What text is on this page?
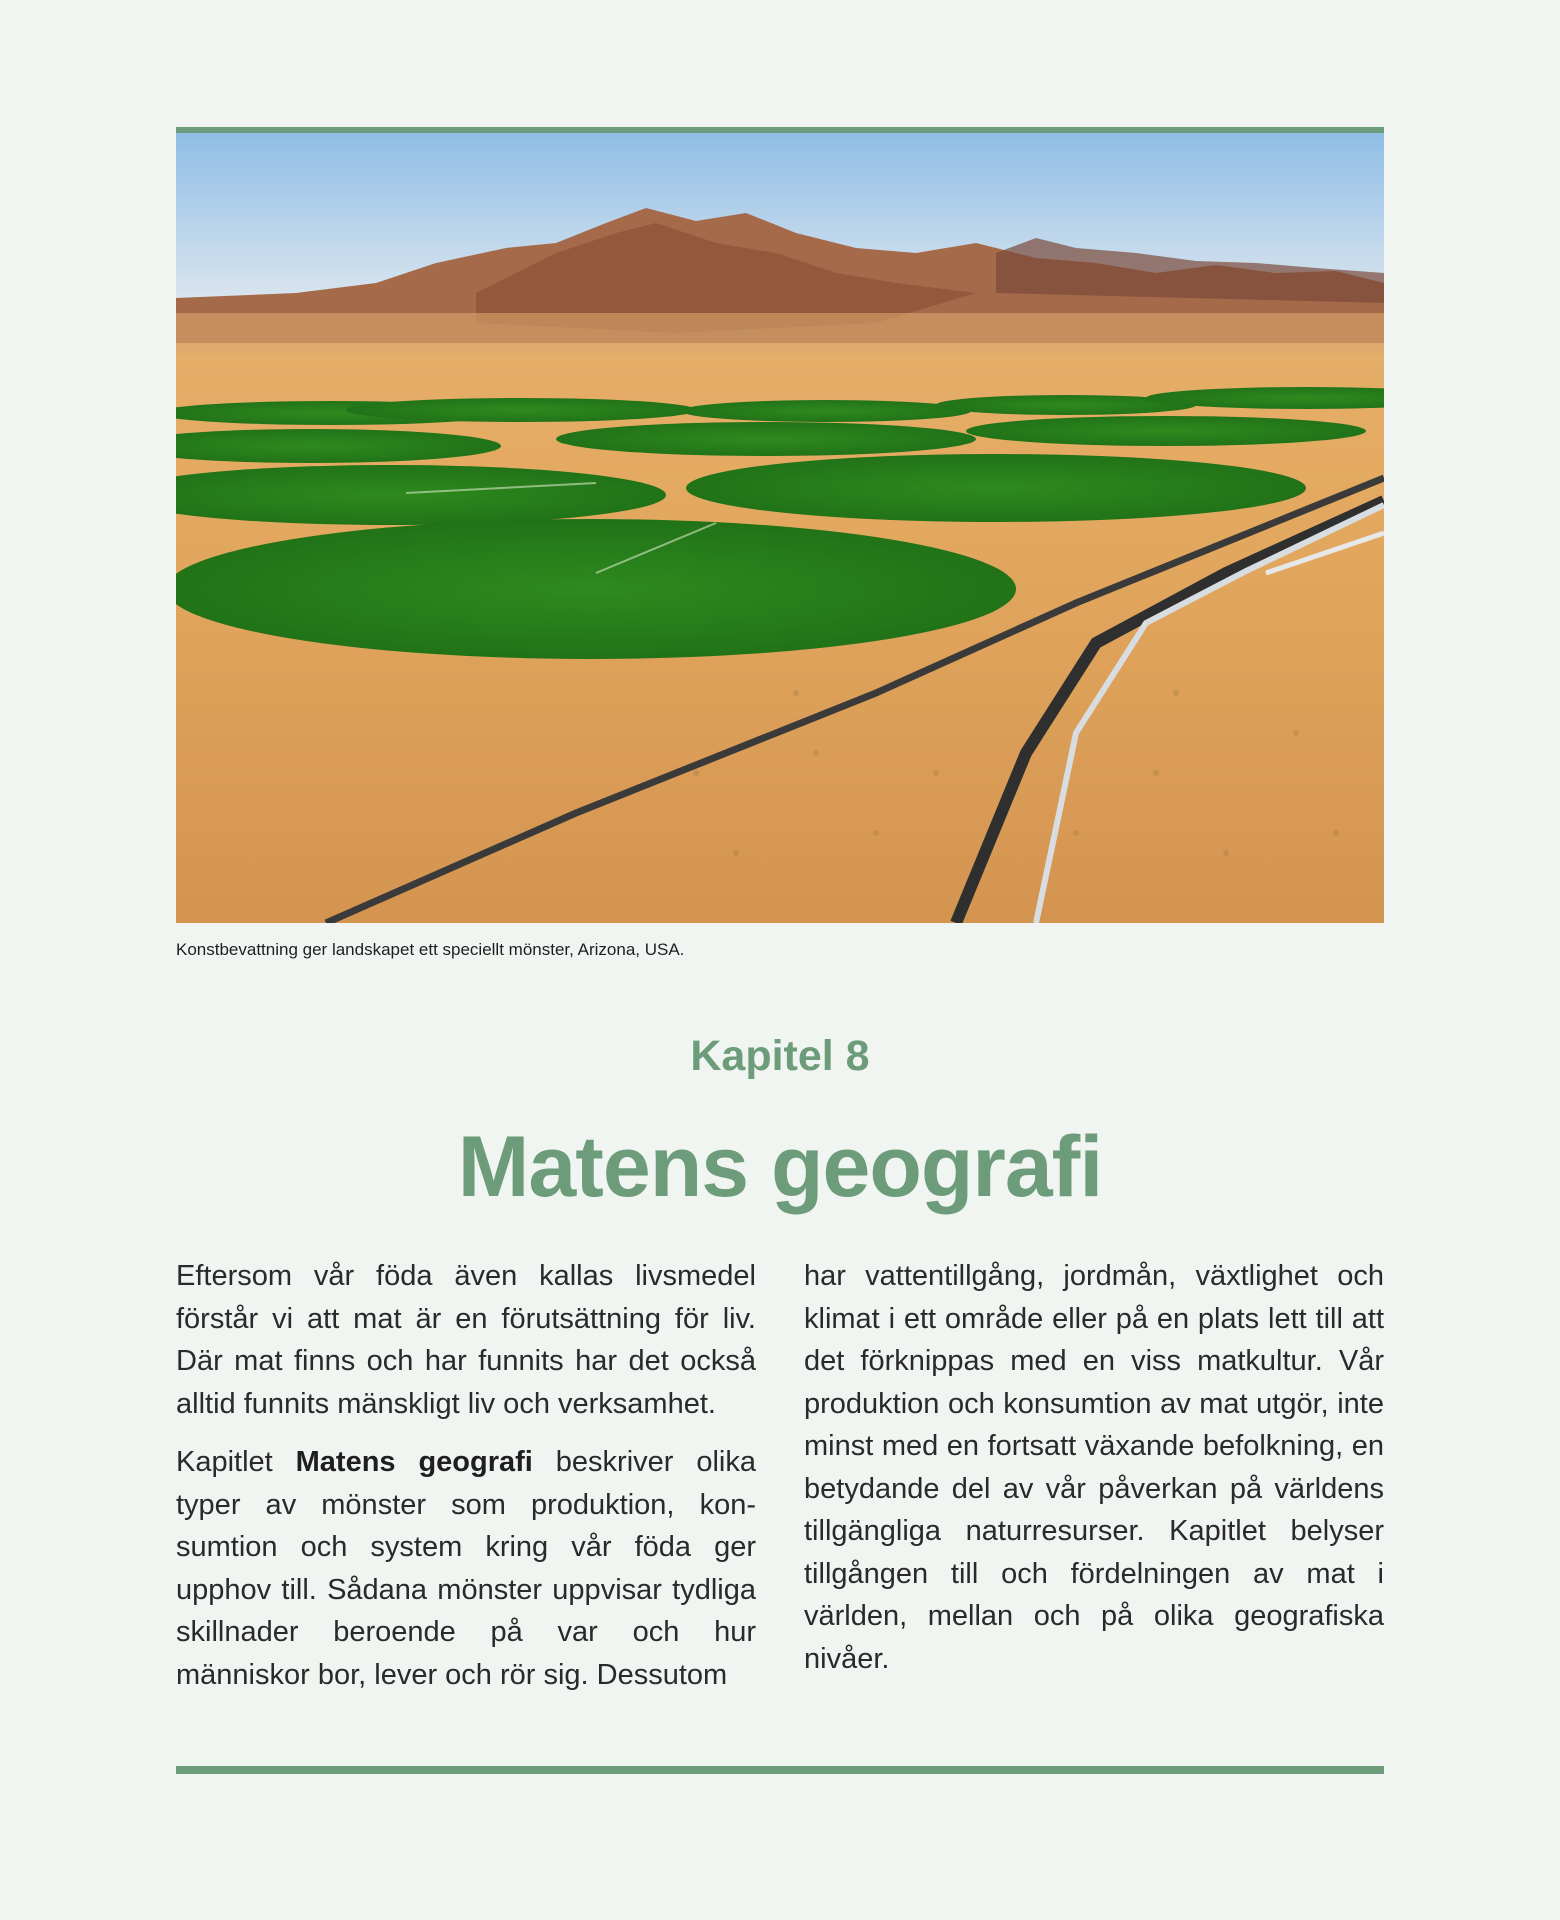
Konstbevattning ger landskapet ett speciellt mönster, Arizona, USA.
Kapitel 8
Matens geografi

Eftersom vår föda även kallas livsmedel förstår vi att mat är en förutsättning för liv. Där mat finns och har funnits har det också alltid funnits mänskligt liv och verksamhet.

Kapitlet Matens geografi beskriver olika typer av mönster som produktion, konsumtion och system kring vår föda ger upphov till. Sådana mönster uppvisar tydliga skillnader beroende på var och hur människor bor, lever och rör sig. Dessutom

har vattentillgång, jordmån, växtlighet och klimat i ett område eller på en plats lett till att det förknippas med en viss matkultur. Vår produktion och konsumtion av mat utgör, inte minst med en fortsatt växande befolkning, en betydande del av vår påverkan på världens tillgängliga naturresurser. Kapitlet belyser tillgången till och fördelningen av mat i världen, mellan och på olika geografiska nivåer.
